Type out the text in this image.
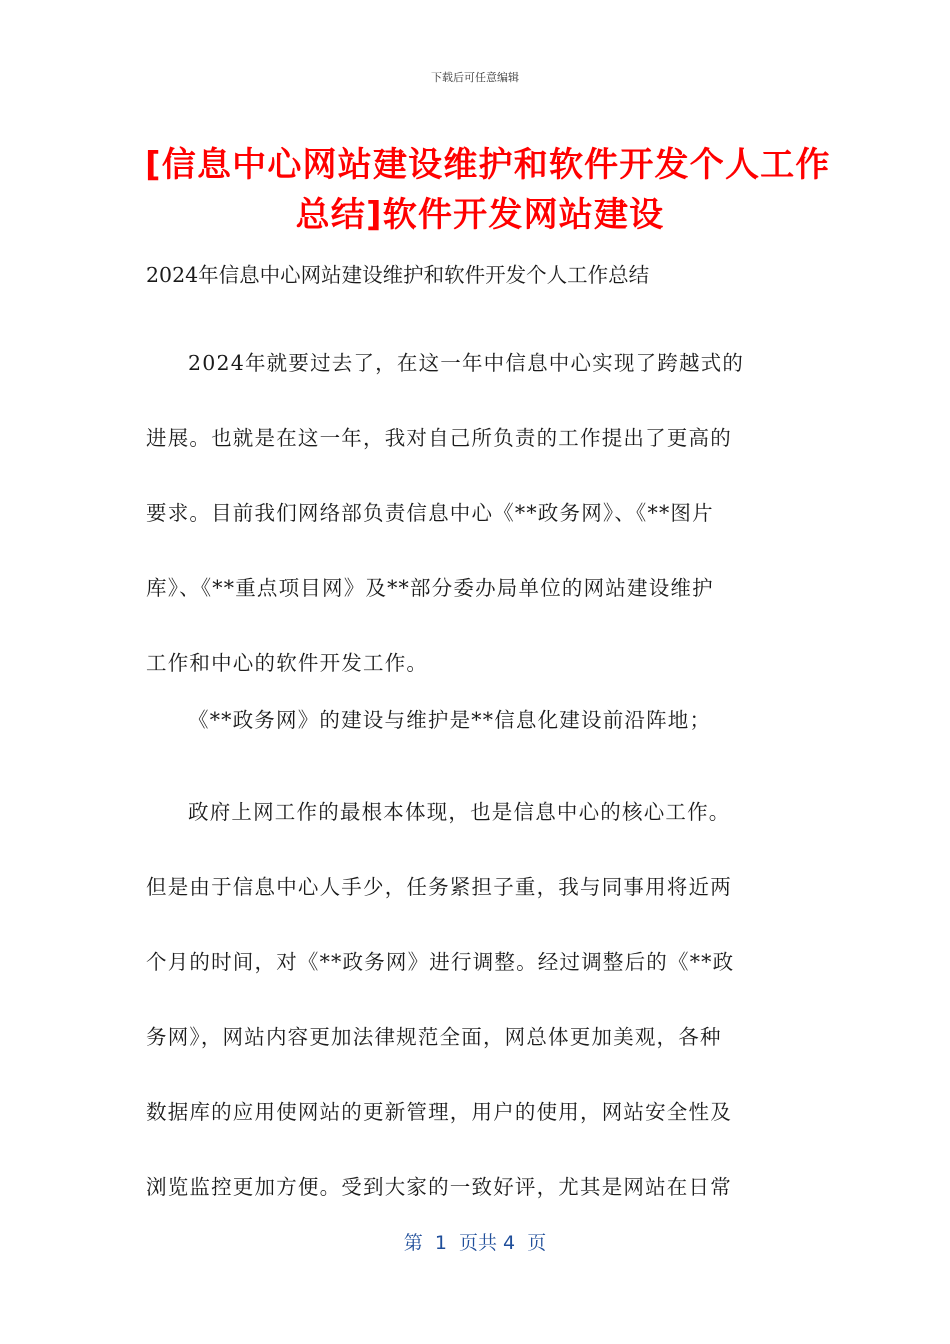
下载后可任意编辑
[信息中心网站建设维护和软件开发个人工作
总结]软件开发网站建设
2024年信息中心网站建设维护和软件开发个人工作总结
2024年就要过去了，在这一年中信息中心实现了跨越式的
进展。也就是在这一年，我对自己所负责的工作提出了更高的
要求。目前我们网络部负责信息中心《**政务网》、《**图片
库》、《**重点项目网》及**部分委办局单位的网站建设维护
工作和中心的软件开发工作。
《**政务网》的建设与维护是**信息化建设前沿阵地；
政府上网工作的最根本体现，也是信息中心的核心工作。
但是由于信息中心人手少，任务紧担子重，我与同事用将近两
个月的时间，对《**政务网》进行调整。经过调整后的《**政
务网》，网站内容更加法律规范全面，网总体更加美观，各种
数据库的应用使网站的更新管理，用户的使用，网站安全性及
浏览监控更加方便。受到大家的一致好评，尤其是网站在日常
第  1  页共 4  页
